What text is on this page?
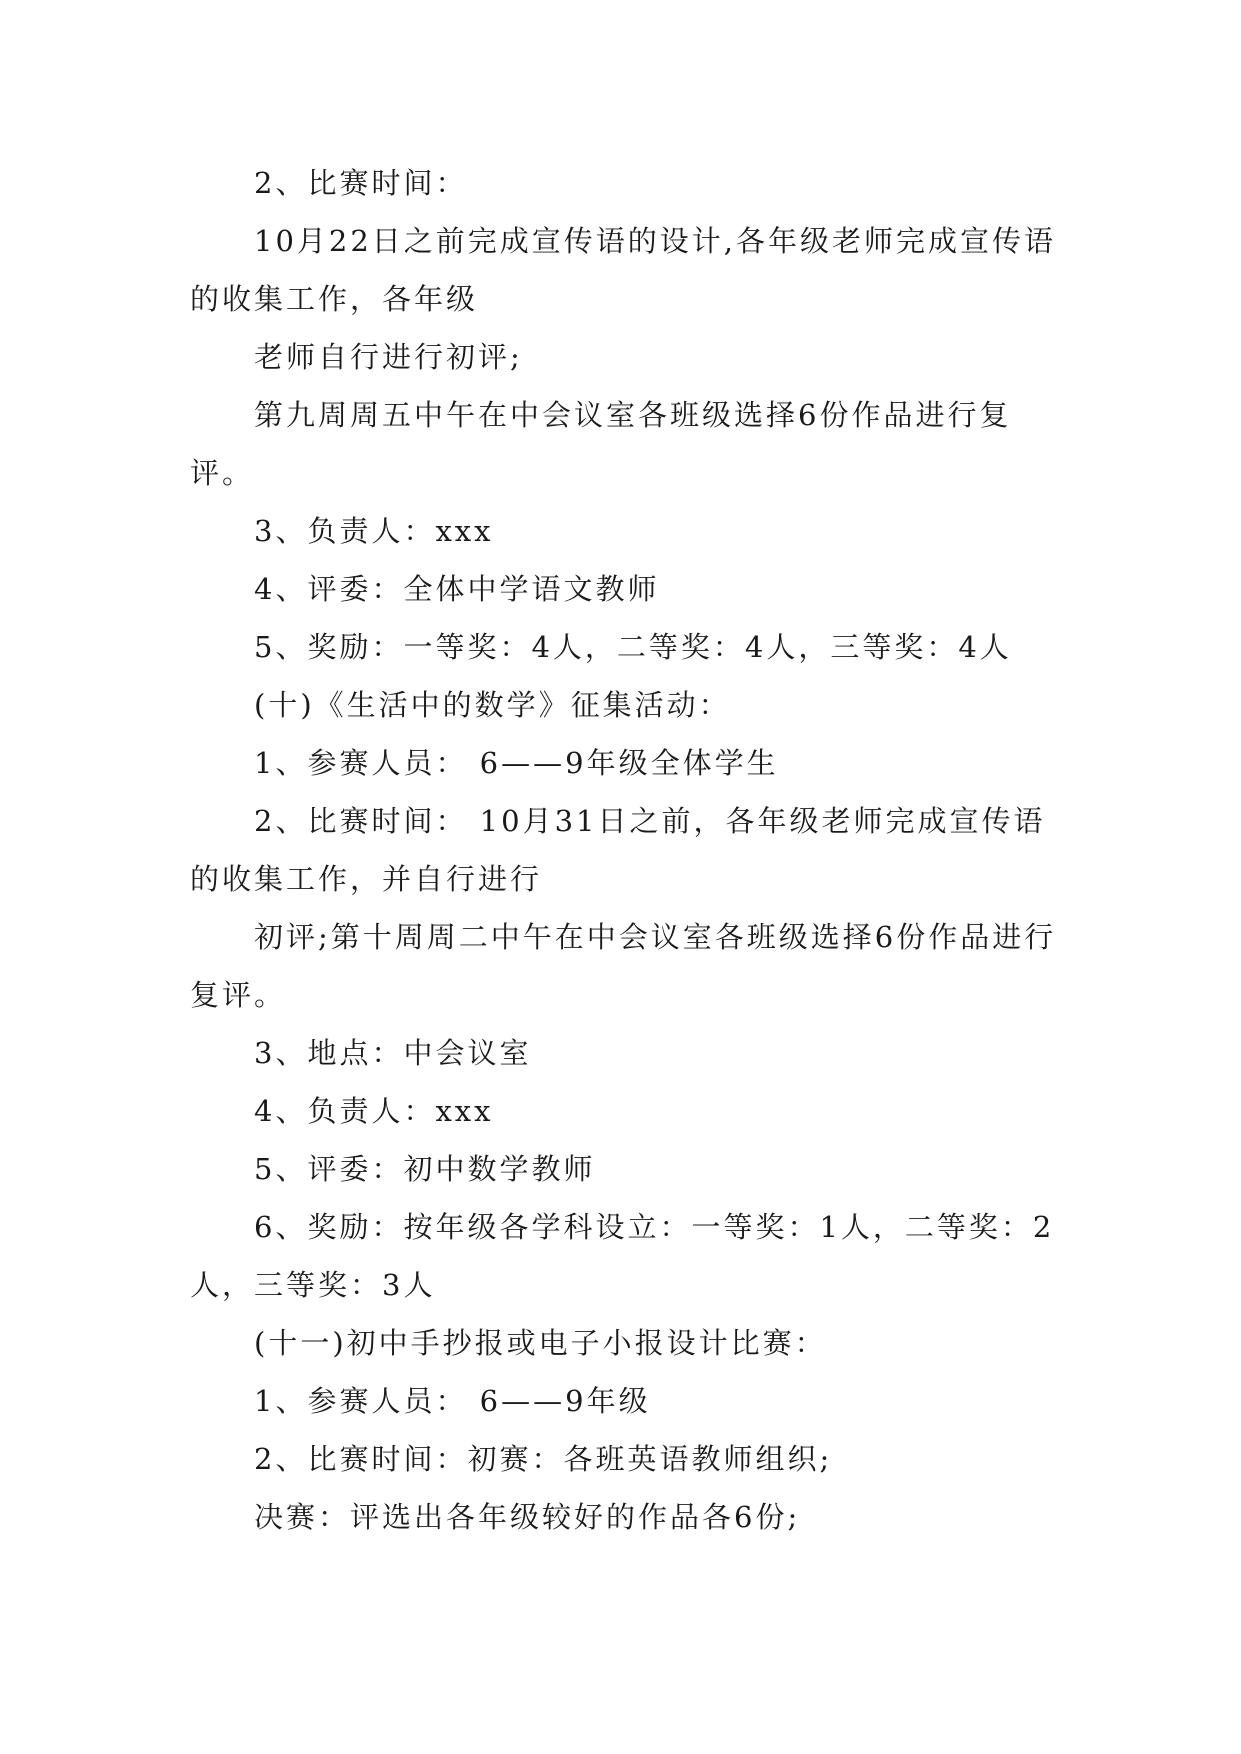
2、比赛时间：

10月22日之前完成宣传语的设计,各年级老师完成宣传语的收集工作，各年级

老师自行进行初评;

第九周周五中午在中会议室各班级选择6份作品进行复评。

3、负责人：xxx

4、评委：全体中学语文教师

5、奖励：一等奖：4人，二等奖：4人，三等奖：4人

(十)《生活中的数学》征集活动：

1、参赛人员： 6——9年级全体学生

2、比赛时间： 10月31日之前，各年级老师完成宣传语的收集工作，并自行进行

初评;第十周周二中午在中会议室各班级选择6份作品进行复评。

3、地点：中会议室

4、负责人：xxx

5、评委：初中数学教师

6、奖励：按年级各学科设立：一等奖：1人，二等奖：2人，三等奖：3人

(十一)初中手抄报或电子小报设计比赛：

1、参赛人员： 6——9年级

2、比赛时间：初赛：各班英语教师组织;

决赛：评选出各年级较好的作品各6份;
